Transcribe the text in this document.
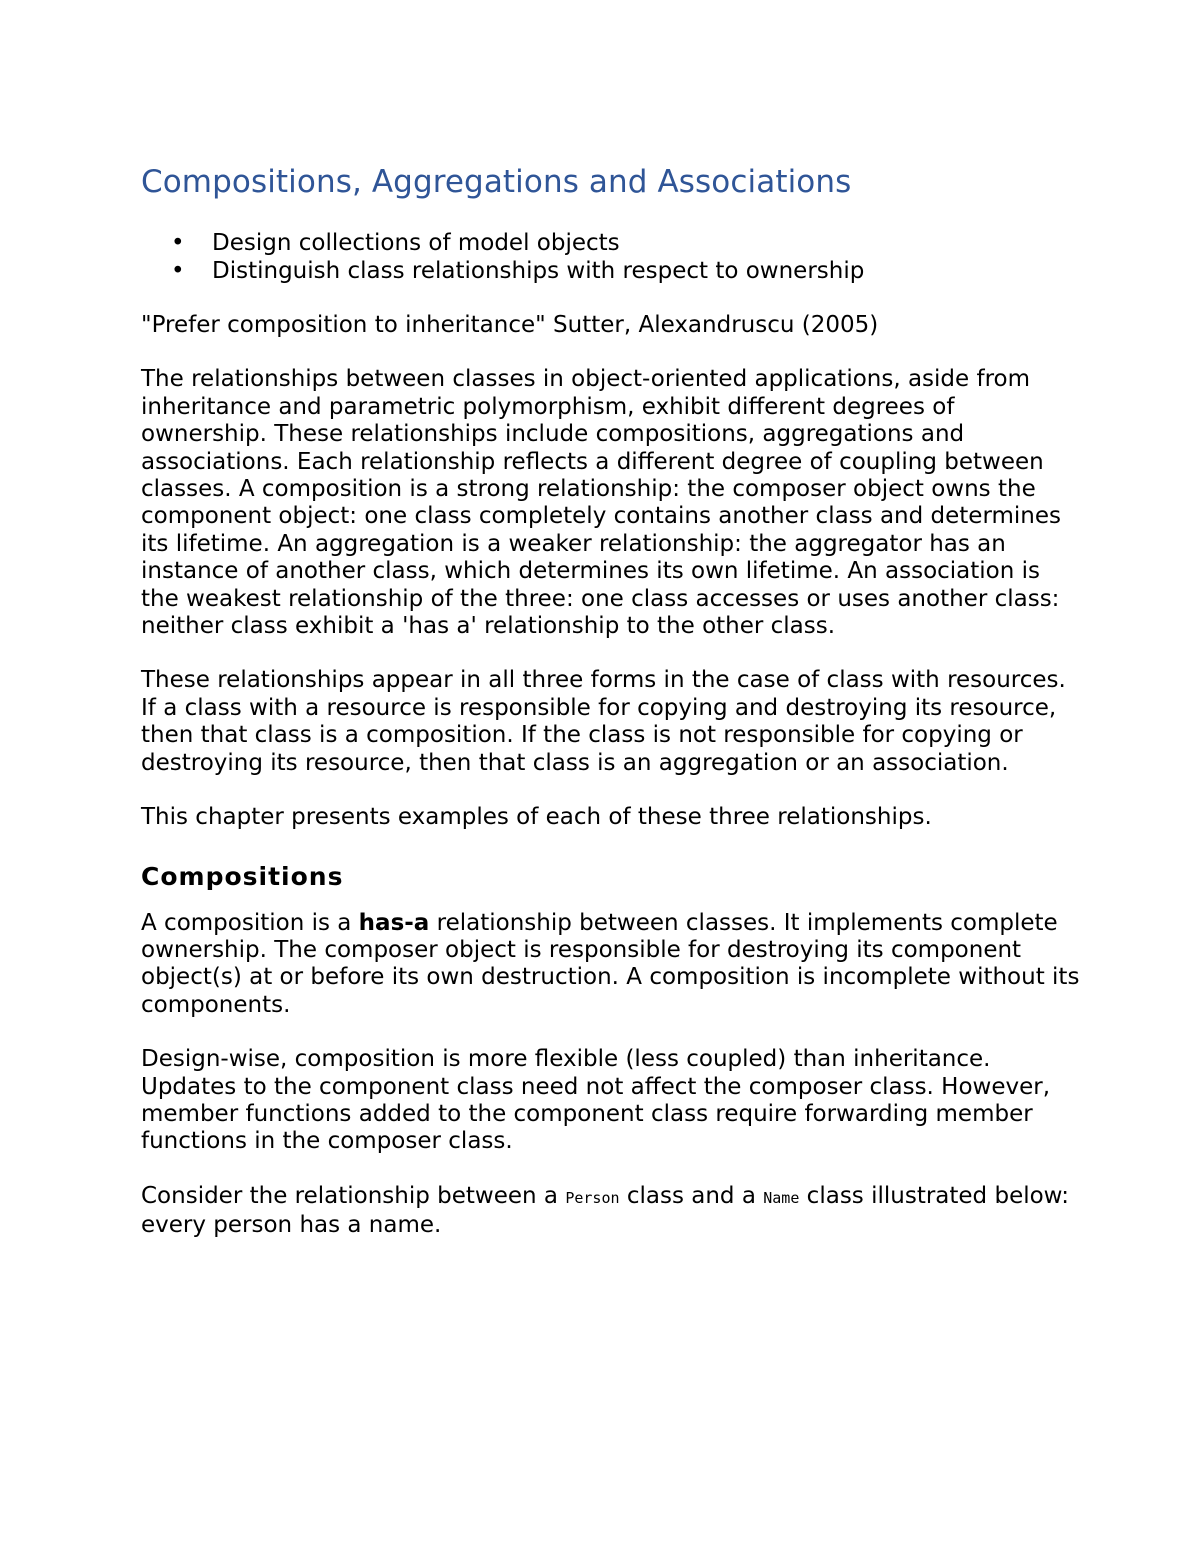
Compositions, Aggregations and Associations
• Design collections of model objects
• Distinguish class relationships with respect to ownership

"Prefer composition to inheritance" Sutter, Alexandruscu (2005)

The relationships between classes in object-oriented applications, aside from inheritance and parametric polymorphism, exhibit different degrees of ownership. These relationships include compositions, aggregations and associations. Each relationship reflects a different degree of coupling between classes. A composition is a strong relationship: the composer object owns the component object: one class completely contains another class and determines its lifetime. An aggregation is a weaker relationship: the aggregator has an instance of another class, which determines its own lifetime. An association is the weakest relationship of the three: one class accesses or uses another class: neither class exhibit a 'has a' relationship to the other class.

These relationships appear in all three forms in the case of class with resources. If a class with a resource is responsible for copying and destroying its resource, then that class is a composition. If the class is not responsible for copying or destroying its resource, then that class is an aggregation or an association.

This chapter presents examples of each of these three relationships.

Compositions

A composition is a has-a relationship between classes. It implements complete ownership. The composer object is responsible for destroying its component object(s) at or before its own destruction. A composition is incomplete without its components.

Design-wise, composition is more flexible (less coupled) than inheritance. Updates to the component class need not affect the composer class. However, member functions added to the component class require forwarding member functions in the composer class.

Consider the relationship between a Person class and a Name class illustrated below: every person has a name.
